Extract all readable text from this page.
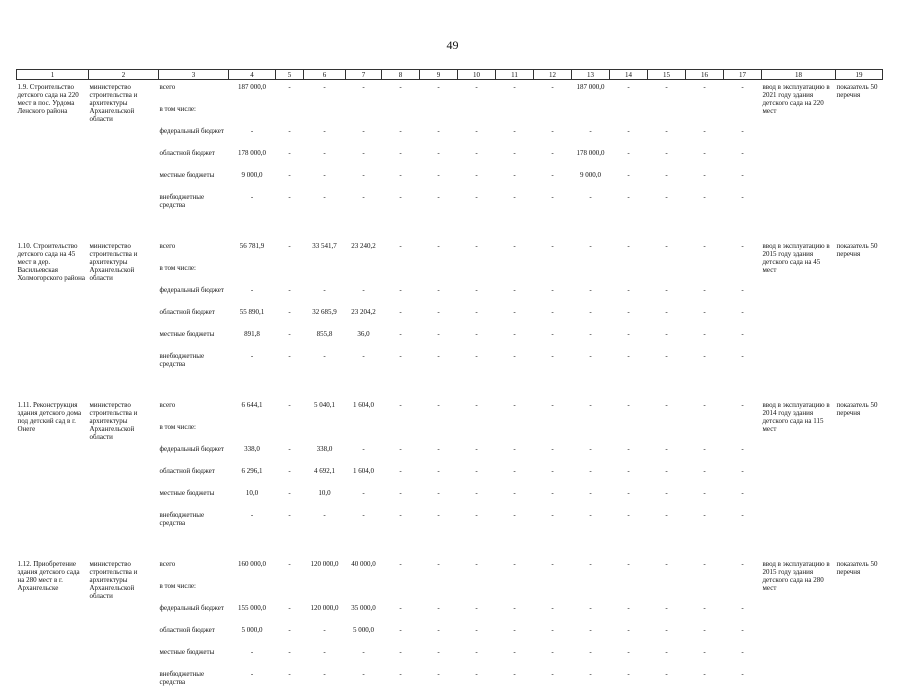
49
1	2	3	4	5	6	7	8	9	10	11	12	13	14	15	16	17	18	19

1.9. Строительство детского сада на 220 мест в пос. Урдома Ленского района	министерство строительства и архитектуры Архангельской области	всего	187 000,0	-	-	-	-	-	-	-	-	187 000,0	-	-	-	-	ввод в эксплуатацию в 2021 году здания детского сада на 220 мест	показатель 50 перечня
		в том числе:																
		федеральный бюджет	-	-	-	-	-	-	-	-	-	-	-	-	-	-		
		областной бюджет	178 000,0	-	-	-	-	-	-	-	-	178 000,0	-	-	-	-		
		местные бюджеты	9 000,0	-	-	-	-	-	-	-	-	9 000,0	-	-	-	-		
		внебюджетные средства	-	-	-	-	-	-	-	-	-	-	-	-	-	-		

1.10. Строительство детского сада на 45 мест в дер. Васильевская Холмогорского района	министерство строительства и архитектуры Архангельской области	всего	56 781,9	-	33 541,7	23 240,2	-	-	-	-	-	-	-	-	-	-	ввод в эксплуатацию в 2015 году здания детского сада на 45 мест	показатель 50 перечня
		в том числе:																
		федеральный бюджет	-	-	-	-	-	-	-	-	-	-	-	-	-	-		
		областной бюджет	55 890,1	-	32 685,9	23 204,2	-	-	-	-	-	-	-	-	-	-		
		местные бюджеты	891,8	-	855,8	36,0	-	-	-	-	-	-	-	-	-	-		
		внебюджетные средства	-	-	-	-	-	-	-	-	-	-	-	-	-	-		

1.11. Реконструкция здания детского дома под детский сад в г. Онеге	министерство строительства и архитектуры Архангельской области	всего	6 644,1	-	5 040,1	1 604,0	-	-	-	-	-	-	-	-	-	-	ввод в эксплуатацию в 2014 году здания детского сада на 115 мест	показатель 50 перечня
		в том числе:																
		федеральный бюджет	338,0	-	338,0	-	-	-	-	-	-	-	-	-	-	-		
		областной бюджет	6 296,1	-	4 692,1	1 604,0	-	-	-	-	-	-	-	-	-	-		
		местные бюджеты	10,0	-	10,0	-	-	-	-	-	-	-	-	-	-	-		
		внебюджетные средства	-	-	-	-	-	-	-	-	-	-	-	-	-	-		

1.12. Приобретение здания детского сада на 280 мест в г. Архангельске	министерство строительства и архитектуры Архангельской области	всего	160 000,0	-	120 000,0	40 000,0	-	-	-	-	-	-	-	-	-	-	ввод в эксплуатацию в 2015 году здания детского сада на 280 мест	показатель 50 перечня
		в том числе:																
		федеральный бюджет	155 000,0	-	120 000,0	35 000,0	-	-	-	-	-	-	-	-	-	-		
		областной бюджет	5 000,0	-	-	5 000,0	-	-	-	-	-	-	-	-	-	-		
		местные бюджеты	-	-	-	-	-	-	-	-	-	-	-	-	-	-		
		внебюджетные средства	-	-	-	-	-	-	-	-	-	-	-	-	-	-		
